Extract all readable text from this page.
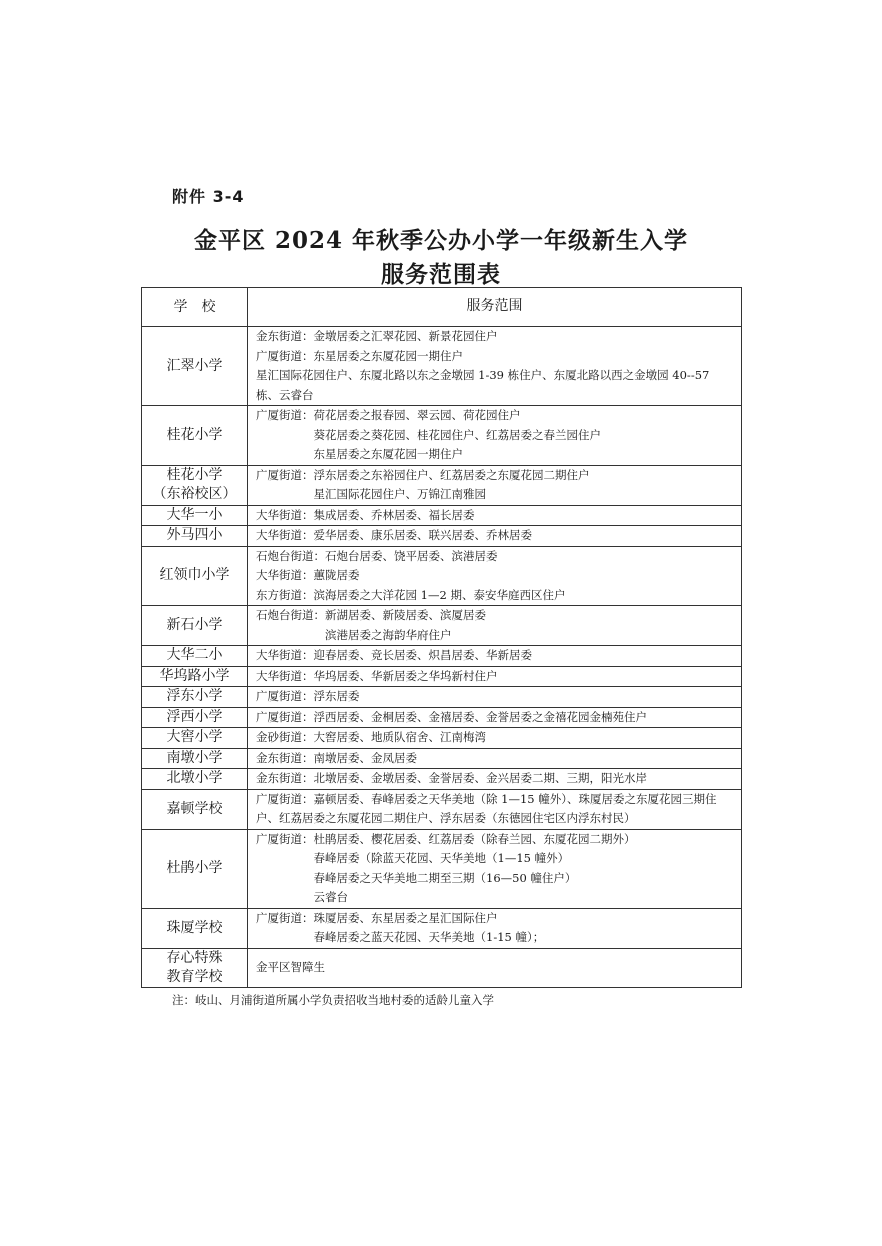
附件 3-4
金平区 2024 年秋季公办小学一年级新生入学
服务范围表
学　校	服务范围

汇翠小学	金东街道：金墩居委之汇翠花园、新景花园住户
广厦街道：东星居委之东厦花园一期住户
星汇国际花园住户、东厦北路以东之金墩园 1-39 栋住户、东厦北路以西之金墩园 40--57 栋、云睿台

桂花小学	广厦街道：荷花居委之报春园、翠云园、荷花园住户
　　　　　葵花居委之葵花园、桂花园住户、红荔居委之春兰园住户
　　　　　东星居委之东厦花园一期住户

桂花小学
（东裕校区）	广厦街道：浮东居委之东裕园住户、红荔居委之东厦花园二期住户
　　　　　星汇国际花园住户、万锦江南雅园

大华一小	大华街道：集成居委、乔林居委、福长居委

外马四小	大华街道：爱华居委、康乐居委、联兴居委、乔林居委

红领巾小学	石炮台街道：石炮台居委、饶平居委、滨港居委
大华街道：蕙陇居委
东方街道：滨海居委之大洋花园 1—2 期、泰安华庭西区住户

新石小学	石炮台街道：新湖居委、新陵居委、滨厦居委
　　　　　　滨港居委之海韵华府住户

大华二小	大华街道：迎春居委、竞长居委、炽昌居委、华新居委

华坞路小学	大华街道：华坞居委、华新居委之华坞新村住户

浮东小学	广厦街道：浮东居委

浮西小学	广厦街道：浮西居委、金桐居委、金禧居委、金誉居委之金禧花园金楠苑住户

大窖小学	金砂街道：大窖居委、地质队宿舍、江南梅湾

南墩小学	金东街道：南墩居委、金凤居委

北墩小学	金东街道：北墩居委、金墩居委、金誉居委、金兴居委二期、三期，阳光水岸

嘉顿学校	广厦街道：嘉顿居委、春峰居委之天华美地（除 1—15 幢外）、珠厦居委之东厦花园三期住户、红荔居委之东厦花园二期住户、浮东居委（东德园住宅区内浮东村民）

杜鹃小学	广厦街道：杜鹃居委、樱花居委、红荔居委（除春兰园、东厦花园二期外）
　　　　　春峰居委（除蓝天花园、天华美地（1—15 幢外）
　　　　　春峰居委之天华美地二期至三期（16—50 幢住户）
　　　　　云睿台

珠厦学校	广厦街道：珠厦居委、东星居委之星汇国际住户
　　　　　春峰居委之蓝天花园、天华美地（1-15 幢）；

存心特殊
教育学校	金平区智障生
注：岐山、月浦街道所属小学负责招收当地村委的适龄儿童入学
